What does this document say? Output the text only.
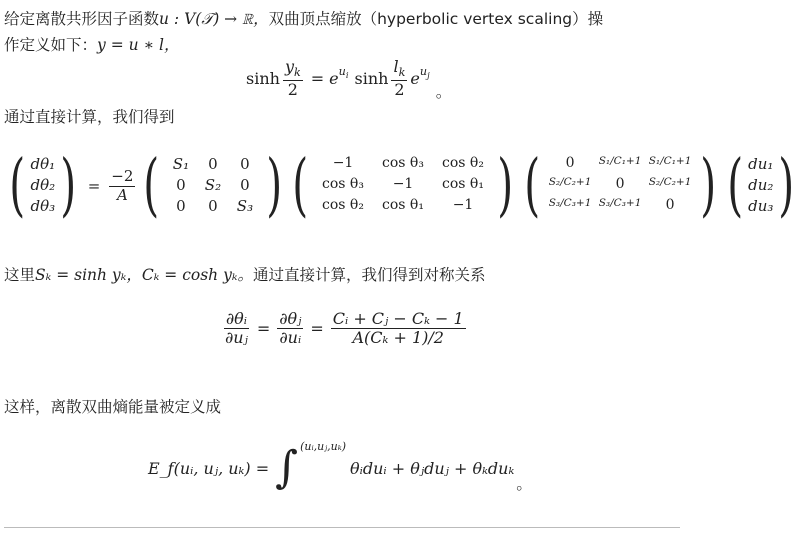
给定离散共形因子函数u : V(𝒯) → ℝ，双曲顶点缩放（hyperbolic vertex scaling）操
作定义如下：y = u ∗ l，
$\sinh \frac{y_k}{2} = e$ $^{u_i}$ $\sinh \frac{l_k}{2}$ e $^{u_j}$
。
通过直接计算，我们得到
( dθ₁
dθ₂
dθ₃ ) = $\frac{-2}{A}$ ( S₁	0	0
0	S₂	0
0	0	S₃ ) (	−1	cos θ₃	cos θ₂
cos θ₃	−1	cos θ₁
cos θ₂	cos θ₁	−1 ) (	0	S₁/C₁+1 S₁/C₁+1
S₂/C₂+1	0	S₂/C₂+1
S₃/C₃+1 S₃/C₃+1	0 ) ( du₁
du₂
du₃ )
这里Sₖ = sinh yₖ，Cₖ = cosh yₖ。通过直接计算，我们得到对称关系
$\frac{\text{∂θᵢ}}{\text{∂uⱼ}} = \frac{\text{∂θⱼ}}{\text{∂uᵢ}} = \frac{\text{Cᵢ + Cⱼ − Cₖ − 1}}{\text{A(Cₖ + 1)/2}}$
这样，离散双曲熵能量被定义成
E_f(uᵢ, uⱼ, uₖ) = ∫ (uᵢ,uⱼ,uₖ)
θᵢduᵢ + θⱼduⱼ + θₖduₖ
。
